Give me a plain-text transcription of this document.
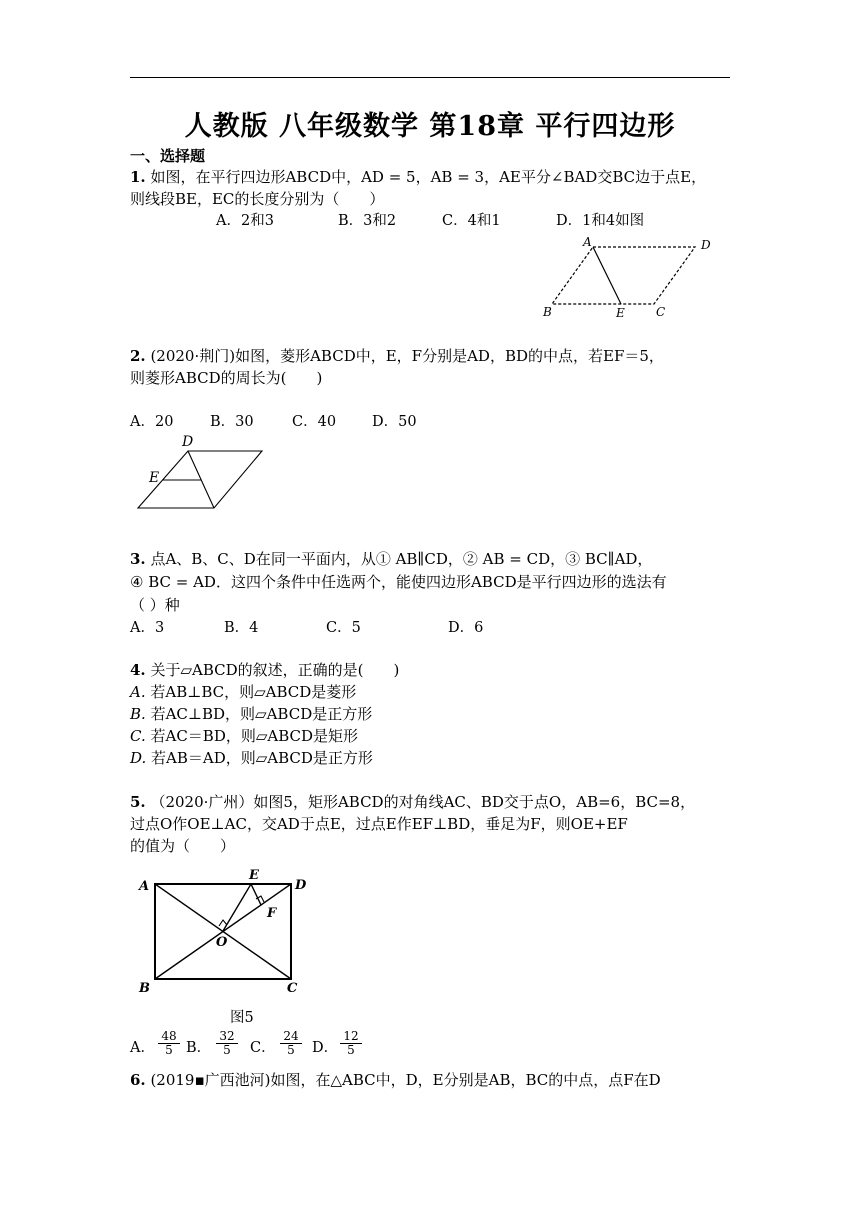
人教版 八年级数学 第18章 平行四边形
一、选择题
1. 如图，在平行四边形ABCD中，AD = 5，AB = 3，AE平分∠BAD交BC边于点E，
则线段BE，EC的长度分别为（　　）
A．2和3	B．3和2	C．4和1	D．1和4如图
A	D
B	E	C
2. (2020·荆门)如图，菱形ABCD中，E，F分别是AD，BD的中点，若EF＝5，
则菱形ABCD的周长为(　　)
A．20	B．30	C．40 D．50
D
E
3. 点A、B、C、D在同一平面内，从① AB∥CD，② AB = CD，③ BC∥AD，
④ BC = AD．这四个条件中任选两个，能使四边形ABCD是平行四边形的选法有
（ ）种
A．3	B．4	C．5	D．6
4. 关于▱ABCD的叙述，正确的是(　　)
A. 若AB⊥BC，则▱ABCD是菱形
B. 若AC⊥BD，则▱ABCD是正方形
C. 若AC＝BD，则▱ABCD是矩形
D. 若AB＝AD，则▱ABCD是正方形
5. （2020·广州）如图5，矩形ABCD的对角线AC、BD交于点O，AB=6，BC=8，
过点O作OE⊥AC，交AD于点E，过点E作EF⊥BD，垂足为F，则OE+EF
的值为（　　）
A
E
D
F
O
B	C
图5
A． $\frac{48}{5}$ B． $\frac{32}{5}$ C． $\frac{24}{5}$ D． $\frac{12}{5}$
6. (2019▪广西池河)如图，在△ABC中，D，E分别是AB，BC的中点，点F在D
